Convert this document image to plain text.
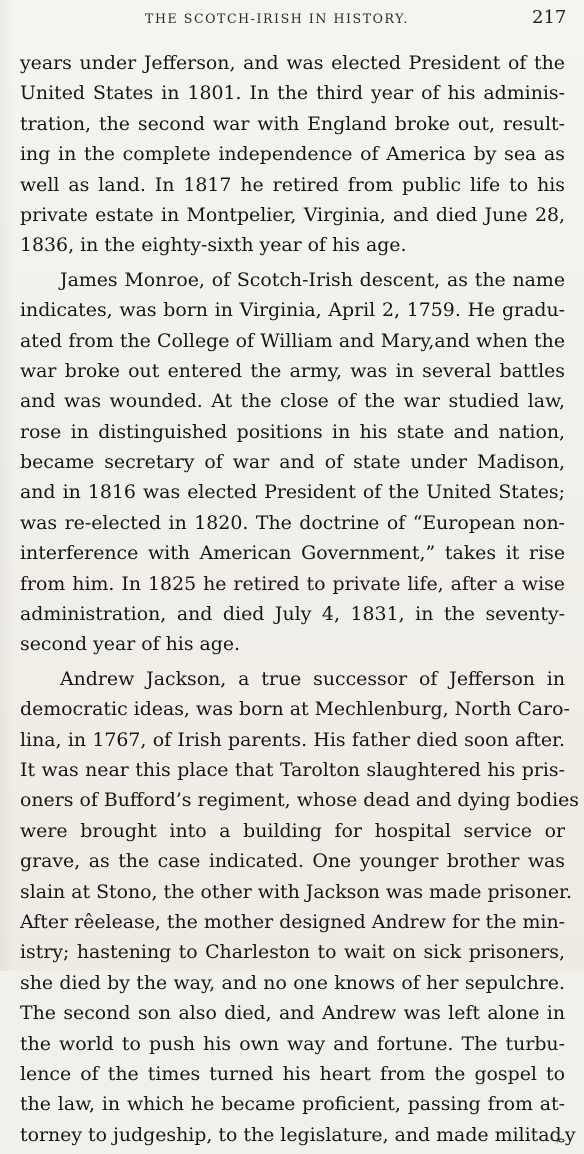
THE SCOTCH-IRISH IN HISTORY.	217
years under Jefferson, and was elected President of the
United States in 1801. In the third year of his adminis-
tration, the second war with England broke out, result-
ing in the complete independence of America by sea as
well as land. In 1817 he retired from public life to his
private estate in Montpelier, Virginia, and died June 28,
1836, in the eighty-sixth year of his age.
James Monroe, of Scotch-Irish descent, as the name
indicates, was born in Virginia, April 2, 1759. He gradu-
ated from the College of William and Mary,and when the
war broke out entered the army, was in several battles
and was wounded. At the close of the war studied law,
rose in distinguished positions in his state and nation,
became secretary of war and of state under Madison,
and in 1816 was elected President of the United States;
was re-elected in 1820. The doctrine of “European non-
interference with American Government,” takes it rise
from him. In 1825 he retired to private life, after a wise
administration, and died July 4, 1831, in the seventy-
second year of his age.
Andrew Jackson, a true successor of Jefferson in
democratic ideas, was born at Mechlenburg, North Caro-
lina, in 1767, of Irish parents. His father died soon after.
It was near this place that Tarolton slaughtered his pris-
oners of Bufford’s regiment, whose dead and dying bodies
were brought into a building for hospital service or
grave, as the case indicated. One younger brother was
slain at Stono, the other with Jackson was made prisoner.
After rêelease, the mother designed Andrew for the min-
istry; hastening to Charleston to wait on sick prisoners,
she died by the way, and no one knows of her sepulchre.
The second son also died, and Andrew was left alone in
the world to push his own way and fortune. The turbu-
lence of the times turned his heart from the gospel to
the law, in which he became proficient, passing from at-
torney to judgeship, to the legislature, and made militaȡy
